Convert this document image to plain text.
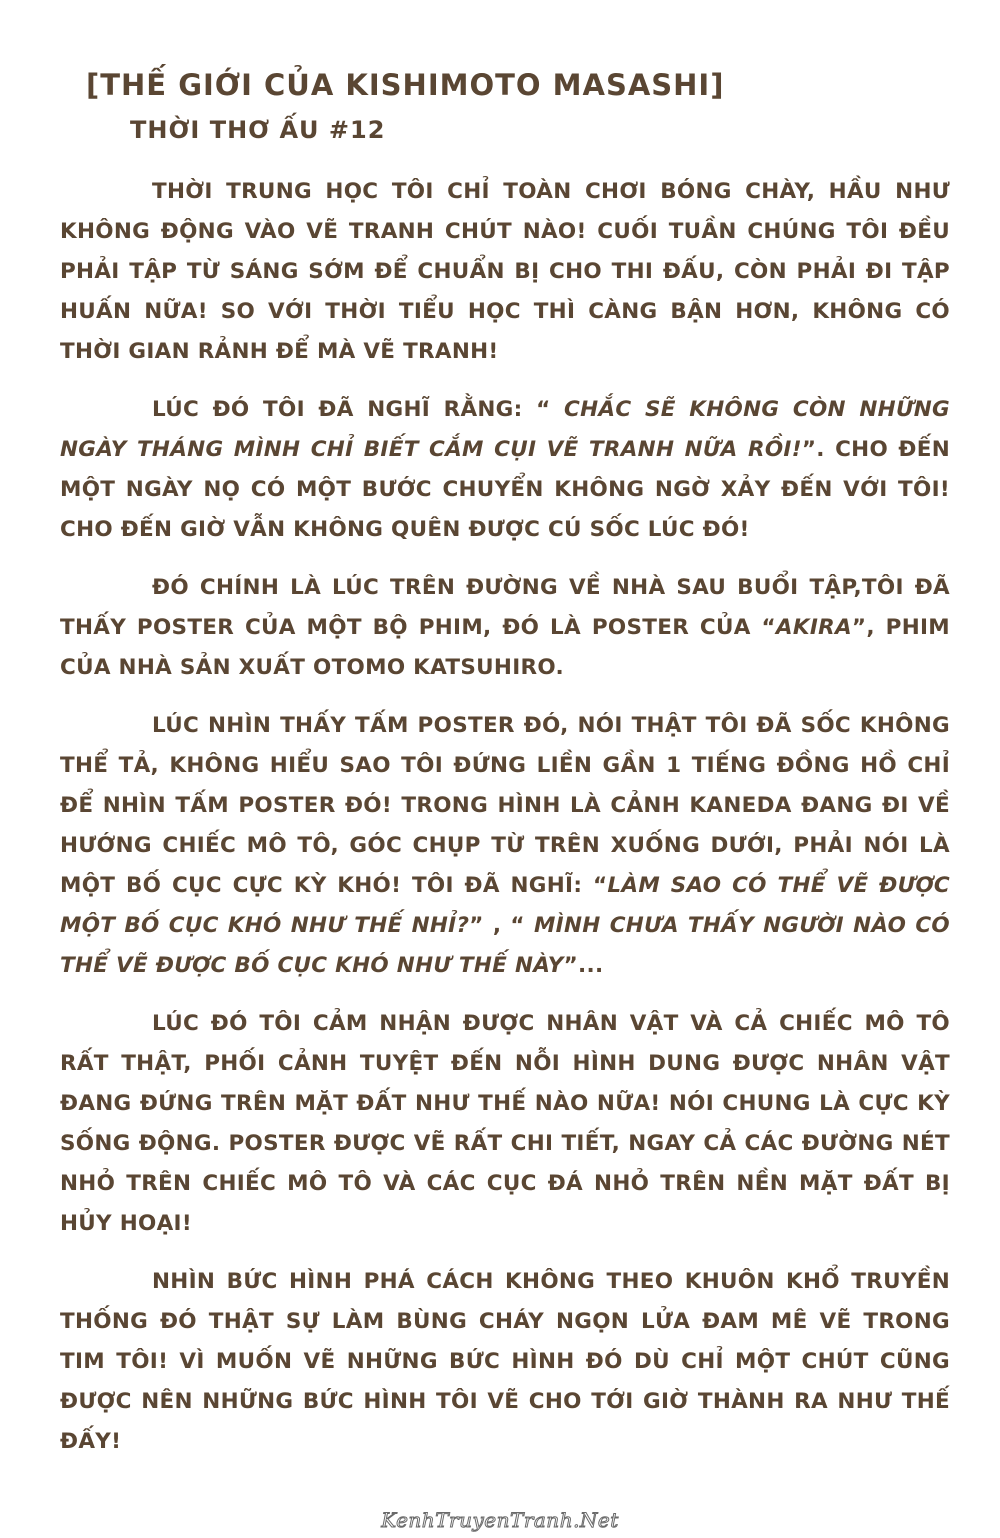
[THẾ GIỚI CỦA KISHIMOTO MASASHI]
THỜI THƠ ẤU #12

THỜI TRUNG HỌC TÔI CHỈ TOÀN CHƠI BÓNG CHÀY, HẦU NHƯ KHÔNG ĐỘNG VÀO VẼ TRANH CHÚT NÀO! CUỐI TUẦN CHÚNG TÔI ĐỀU PHẢI TẬP TỪ SÁNG SỚM ĐỂ CHUẨN BỊ CHO THI ĐẤU, CÒN PHẢI ĐI TẬP HUẤN NỮA! SO VỚI THỜI TIỂU HỌC THÌ CÀNG BẬN HƠN, KHÔNG CÓ THỜI GIAN RẢNH ĐỂ MÀ VẼ TRANH!

LÚC ĐÓ TÔI ĐÃ NGHĨ RẰNG: “ CHẮC SẼ KHÔNG CÒN NHỮNG NGÀY THÁNG MÌNH CHỈ BIẾT CẮM CỤI VẼ TRANH NỮA RỒI!”. CHO ĐẾN MỘT NGÀY NỌ CÓ MỘT BƯỚC CHUYỂN KHÔNG NGỜ XẢY ĐẾN VỚI TÔI! CHO ĐẾN GIỜ VẪN KHÔNG QUÊN ĐƯỢC CÚ SỐC LÚC ĐÓ!

ĐÓ CHÍNH LÀ LÚC TRÊN ĐƯỜNG VỀ NHÀ SAU BUỔI TẬP,TÔI ĐÃ THẤY POSTER CỦA MỘT BỘ PHIM, ĐÓ LÀ POSTER CỦA “AKIRA”, PHIM CỦA NHÀ SẢN XUẤT OTOMO KATSUHIRO.

LÚC NHÌN THẤY TẤM POSTER ĐÓ, NÓI THẬT TÔI ĐÃ SỐC KHÔNG THỂ TẢ, KHÔNG HIỂU SAO TÔI ĐỨNG LIỀN GẦN 1 TIẾNG ĐỒNG HỒ CHỈ ĐỂ NHÌN TẤM POSTER ĐÓ! TRONG HÌNH LÀ CẢNH KANEDA ĐANG ĐI VỀ HƯỚNG CHIẾC MÔ TÔ, GÓC CHỤP TỪ TRÊN XUỐNG DƯỚI, PHẢI NÓI LÀ MỘT BỐ CỤC CỰC KỲ KHÓ! TÔI ĐÃ NGHĨ: “LÀM SAO CÓ THỂ VẼ ĐƯỢC MỘT BỐ CỤC KHÓ NHƯ THẾ NHỈ?” , “ MÌNH CHƯA THẤY NGƯỜI NÀO CÓ THỂ VẼ ĐƯỢC BỐ CỤC KHÓ NHƯ THẾ NÀY”...

LÚC ĐÓ TÔI CẢM NHẬN ĐƯỢC NHÂN VẬT VÀ CẢ CHIẾC MÔ TÔ RẤT THẬT, PHỐI CẢNH TUYỆT ĐẾN NỖI HÌNH DUNG ĐƯỢC NHÂN VẬT ĐANG ĐỨNG TRÊN MẶT ĐẤT NHƯ THẾ NÀO NỮA! NÓI CHUNG LÀ CỰC KỲ SỐNG ĐỘNG. POSTER ĐƯỢC VẼ RẤT CHI TIẾT, NGAY CẢ CÁC ĐƯỜNG NÉT NHỎ TRÊN CHIẾC MÔ TÔ VÀ CÁC CỤC ĐÁ NHỎ TRÊN NỀN MẶT ĐẤT BỊ HỦY HOẠI!

NHÌN BỨC HÌNH PHÁ CÁCH KHÔNG THEO KHUÔN KHỔ TRUYỀN THỐNG ĐÓ THẬT SỰ LÀM BÙNG CHÁY NGỌN LỬA ĐAM MÊ VẼ TRONG TIM TÔI! VÌ MUỐN VẼ NHỮNG BỨC HÌNH ĐÓ DÙ CHỈ MỘT CHÚT CŨNG ĐƯỢC NÊN NHỮNG BỨC HÌNH TÔI VẼ CHO TỚI GIỜ THÀNH RA NHƯ THẾ ĐẤY!

KenhTruyenTranh.Net
